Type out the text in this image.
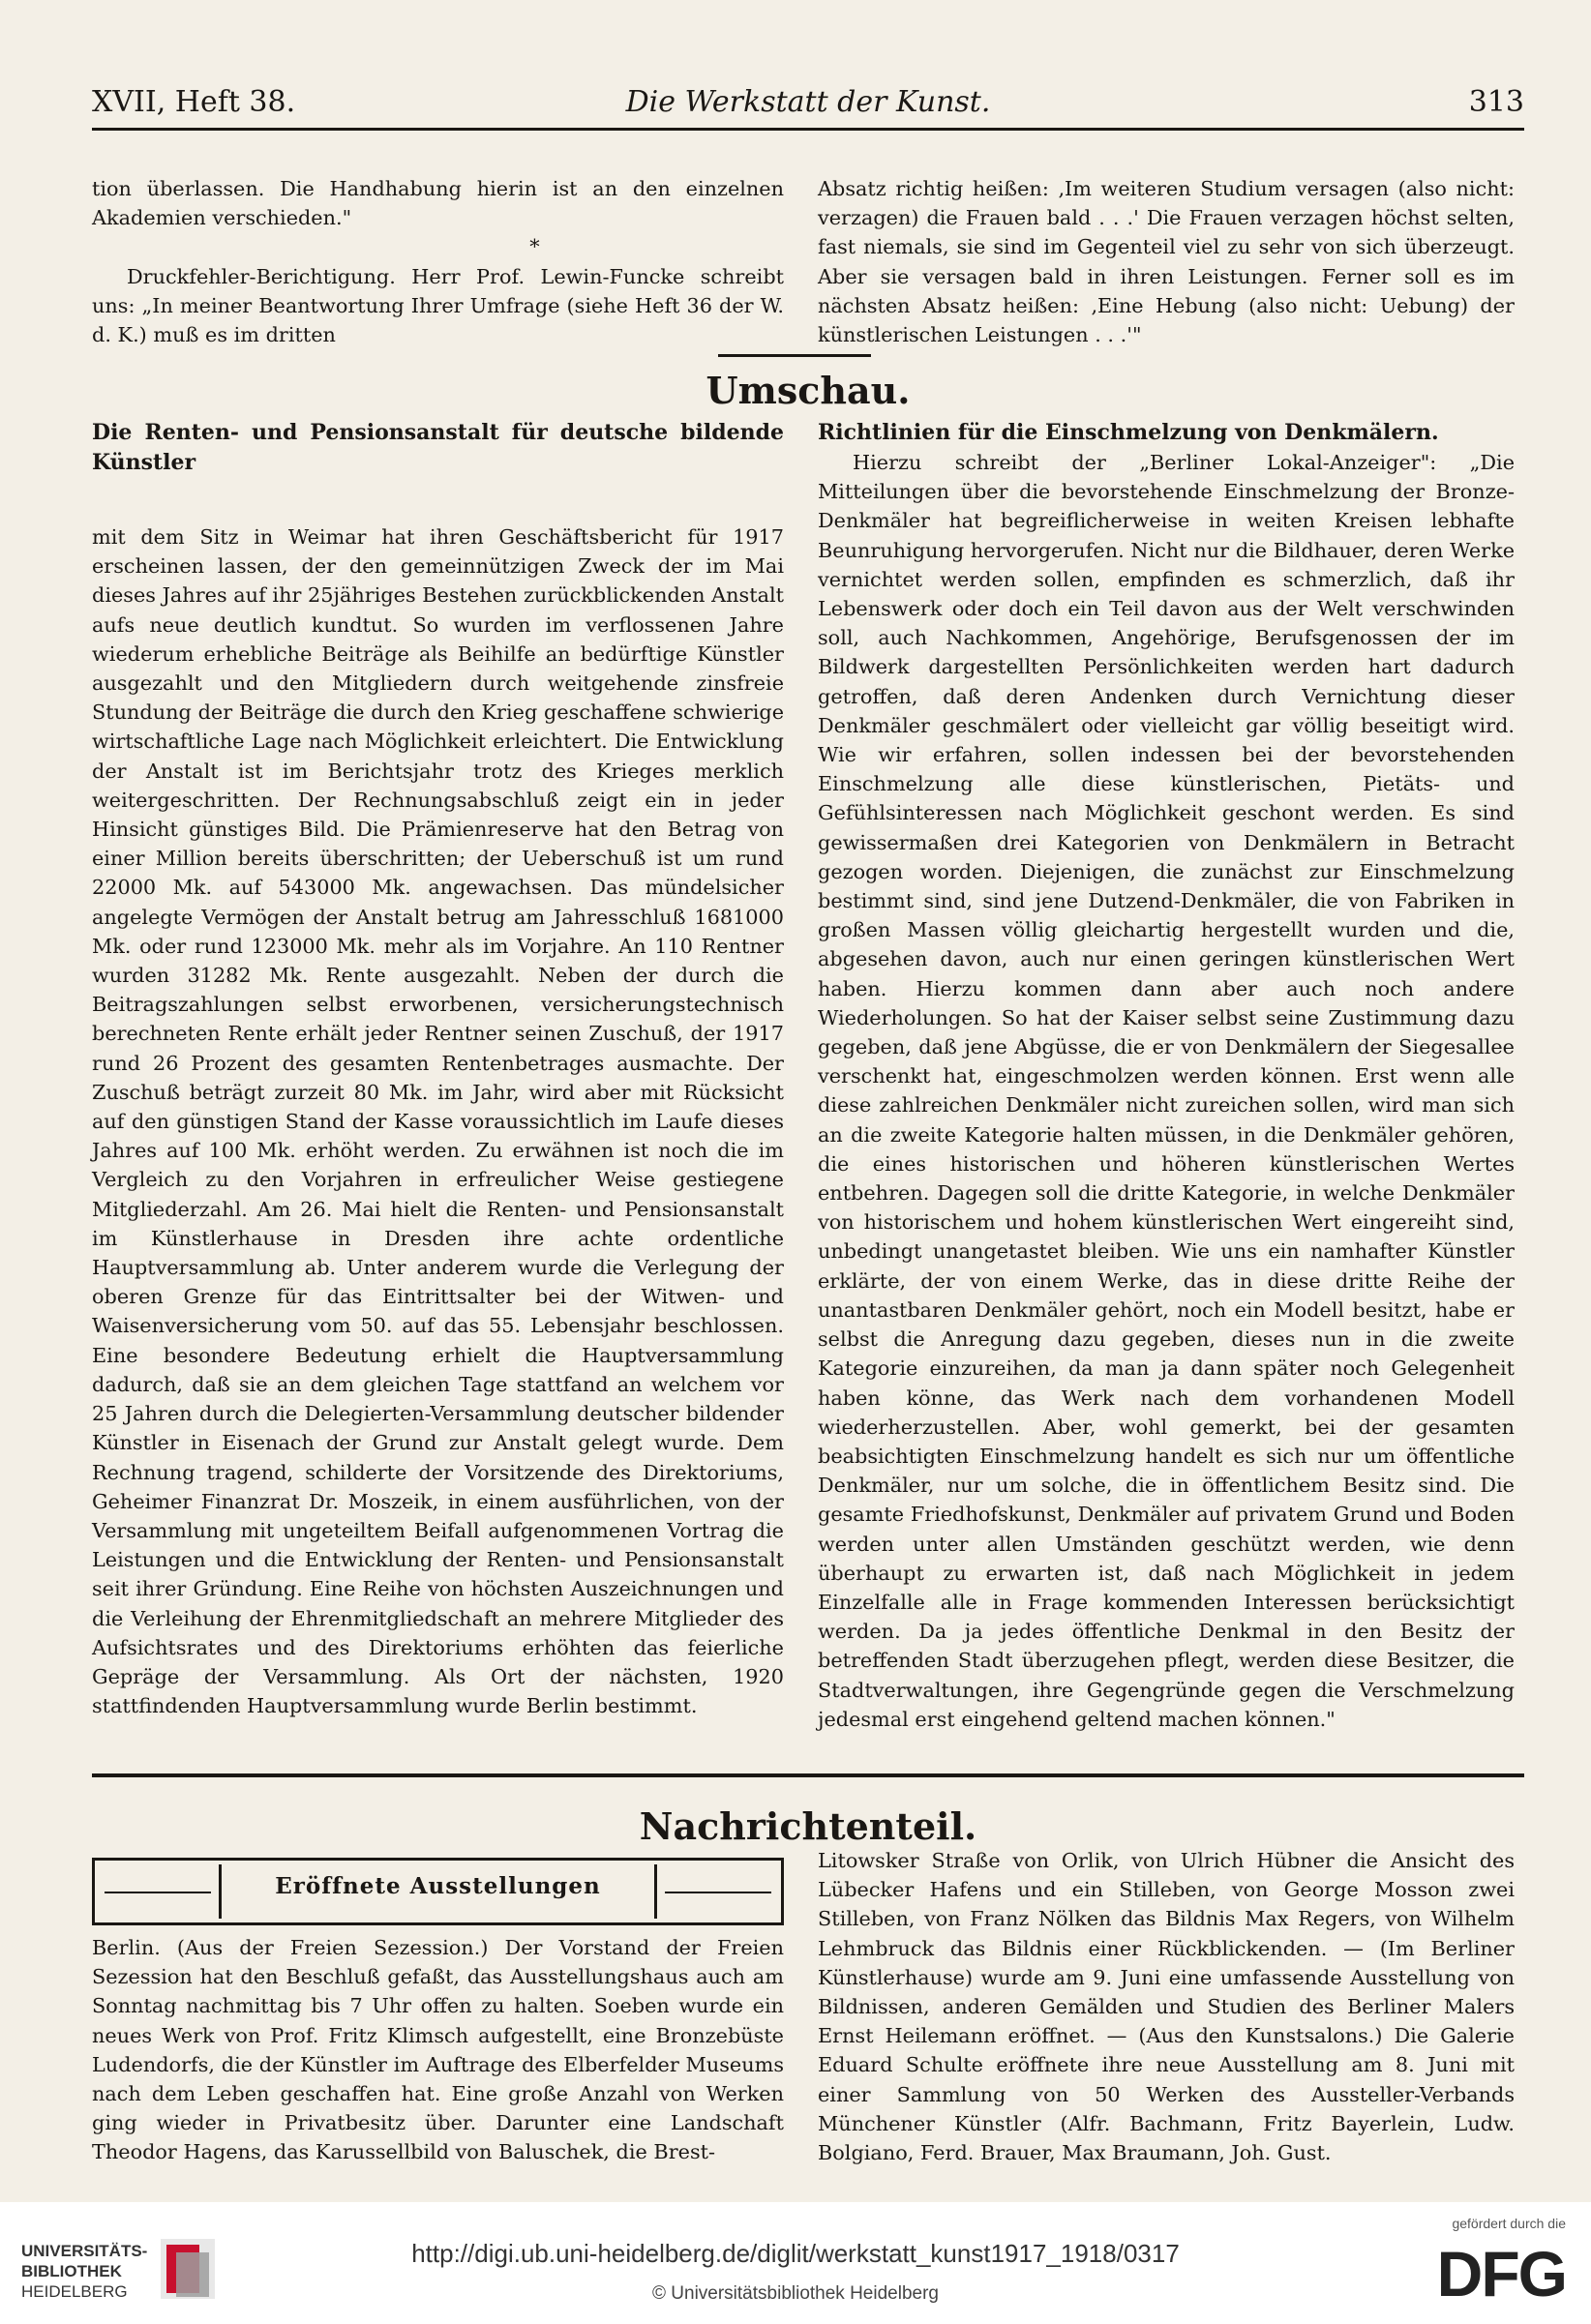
XVII, Heft 38.	Die Werkstatt der Kunst.	313

tion überlassen. Die Handhabung hierin ist an den einzelnen Akademien verschieden."

*

Druckfehler-Berichtigung. Herr Prof. Lewin-Funcke schreibt uns: „In meiner Beantwortung Ihrer Umfrage (siehe Heft 36 der W. d. K.) muß es im dritten

Absatz richtig heißen: ‚Im weiteren Studium versagen (also nicht: verzagen) die Frauen bald . . .' Die Frauen verzagen höchst selten, fast niemals, sie sind im Gegenteil viel zu sehr von sich überzeugt. Aber sie versagen bald in ihren Leistungen. Ferner soll es im nächsten Absatz heißen: ‚Eine Hebung (also nicht: Uebung) der künstlerischen Leistungen . . .'"

Umschau.

Die Renten- und Pensionsanstalt für deutsche bildende Künstler

mit dem Sitz in Weimar hat ihren Geschäftsbericht für 1917 erscheinen lassen, der den gemeinnützigen Zweck der im Mai dieses Jahres auf ihr 25jähriges Bestehen zurückblickenden Anstalt aufs neue deutlich kundtut. So wurden im verflossenen Jahre wiederum erhebliche Beiträge als Beihilfe an bedürftige Künstler ausgezahlt und den Mitgliedern durch weitgehende zinsfreie Stundung der Beiträge die durch den Krieg geschaffene schwierige wirtschaftliche Lage nach Möglichkeit erleichtert. Die Entwicklung der Anstalt ist im Berichtsjahr trotz des Krieges merklich weitergeschritten. Der Rechnungsabschluß zeigt ein in jeder Hinsicht günstiges Bild. Die Prämienreserve hat den Betrag von einer Million bereits überschritten; der Ueberschuß ist um rund 22000 Mk. auf 543000 Mk. angewachsen. Das mündelsicher angelegte Vermögen der Anstalt betrug am Jahresschluß 1681000 Mk. oder rund 123000 Mk. mehr als im Vorjahre. An 110 Rentner wurden 31282 Mk. Rente ausgezahlt. Neben der durch die Beitragszahlungen selbst erworbenen, versicherungstechnisch berechneten Rente erhält jeder Rentner seinen Zuschuß, der 1917 rund 26 Prozent des gesamten Rentenbetrages ausmachte. Der Zuschuß beträgt zurzeit 80 Mk. im Jahr, wird aber mit Rücksicht auf den günstigen Stand der Kasse voraussichtlich im Laufe dieses Jahres auf 100 Mk. erhöht werden. Zu erwähnen ist noch die im Vergleich zu den Vorjahren in erfreulicher Weise gestiegene Mitgliederzahl. Am 26. Mai hielt die Renten- und Pensionsanstalt im Künstlerhause in Dresden ihre achte ordentliche Hauptversammlung ab. Unter anderem wurde die Verlegung der oberen Grenze für das Eintrittsalter bei der Witwen- und Waisenversicherung vom 50. auf das 55. Lebensjahr beschlossen. Eine besondere Bedeutung erhielt die Hauptversammlung dadurch, daß sie an dem gleichen Tage stattfand an welchem vor 25 Jahren durch die Delegierten-Versammlung deutscher bildender Künstler in Eisenach der Grund zur Anstalt gelegt wurde. Dem Rechnung tragend, schilderte der Vorsitzende des Direktoriums, Geheimer Finanzrat Dr. Moszeik, in einem ausführlichen, von der Versammlung mit ungeteiltem Beifall aufgenommenen Vortrag die Leistungen und die Entwicklung der Renten- und Pensionsanstalt seit ihrer Gründung. Eine Reihe von höchsten Auszeichnungen und die Verleihung der Ehrenmitgliedschaft an mehrere Mitglieder des Aufsichtsrates und des Direktoriums erhöhten das feierliche Gepräge der Versammlung. Als Ort der nächsten, 1920 stattfindenden Hauptversammlung wurde Berlin bestimmt.

Richtlinien für die Einschmelzung von Denkmälern.

Hierzu schreibt der „Berliner Lokal-Anzeiger": „Die Mitteilungen über die bevorstehende Einschmelzung der Bronze-Denkmäler hat begreiflicherweise in weiten Kreisen lebhafte Beunruhigung hervorgerufen. Nicht nur die Bildhauer, deren Werke vernichtet werden sollen, empfinden es schmerzlich, daß ihr Lebenswerk oder doch ein Teil davon aus der Welt verschwinden soll, auch Nachkommen, Angehörige, Berufsgenossen der im Bildwerk dargestellten Persönlichkeiten werden hart dadurch getroffen, daß deren Andenken durch Vernichtung dieser Denkmäler geschmälert oder vielleicht gar völlig beseitigt wird. Wie wir erfahren, sollen indessen bei der bevorstehenden Einschmelzung alle diese künstlerischen, Pietäts- und Gefühlsinteressen nach Möglichkeit geschont werden. Es sind gewissermaßen drei Kategorien von Denkmälern in Betracht gezogen worden. Diejenigen, die zunächst zur Einschmelzung bestimmt sind, sind jene Dutzend-Denkmäler, die von Fabriken in großen Massen völlig gleichartig hergestellt wurden und die, abgesehen davon, auch nur einen geringen künstlerischen Wert haben. Hierzu kommen dann aber auch noch andere Wiederholungen. So hat der Kaiser selbst seine Zustimmung dazu gegeben, daß jene Abgüsse, die er von Denkmälern der Siegesallee verschenkt hat, eingeschmolzen werden können. Erst wenn alle diese zahlreichen Denkmäler nicht zureichen sollen, wird man sich an die zweite Kategorie halten müssen, in die Denkmäler gehören, die eines historischen und höheren künstlerischen Wertes entbehren. Dagegen soll die dritte Kategorie, in welche Denkmäler von historischem und hohem künstlerischen Wert eingereiht sind, unbedingt unangetastet bleiben. Wie uns ein namhafter Künstler erklärte, der von einem Werke, das in diese dritte Reihe der unantastbaren Denkmäler gehört, noch ein Modell besitzt, habe er selbst die Anregung dazu gegeben, dieses nun in die zweite Kategorie einzureihen, da man ja dann später noch Gelegenheit haben könne, das Werk nach dem vorhandenen Modell wiederherzustellen. Aber, wohl gemerkt, bei der gesamten beabsichtigten Einschmelzung handelt es sich nur um öffentliche Denkmäler, nur um solche, die in öffentlichem Besitz sind. Die gesamte Friedhofskunst, Denkmäler auf privatem Grund und Boden werden unter allen Umständen geschützt werden, wie denn überhaupt zu erwarten ist, daß nach Möglichkeit in jedem Einzelfalle alle in Frage kommenden Interessen berücksichtigt werden. Da ja jedes öffentliche Denkmal in den Besitz der betreffenden Stadt überzugehen pflegt, werden diese Besitzer, die Stadtverwaltungen, ihre Gegengründe gegen die Verschmelzung jedesmal erst eingehend geltend machen können."

Nachrichtenteil.
Eröffnete Ausstellungen

Berlin. (Aus der Freien Sezession.) Der Vorstand der Freien Sezession hat den Beschluß gefaßt, das Ausstellungshaus auch am Sonntag nachmittag bis 7 Uhr offen zu halten. Soeben wurde ein neues Werk von Prof. Fritz Klimsch aufgestellt, eine Bronzebüste Ludendorfs, die der Künstler im Auftrage des Elberfelder Museums nach dem Leben geschaffen hat. Eine große Anzahl von Werken ging wieder in Privatbesitz über. Darunter eine Landschaft Theodor Hagens, das Karussellbild von Baluschek, die Brest-

Litowsker Straße von Orlik, von Ulrich Hübner die Ansicht des Lübecker Hafens und ein Stilleben, von George Mosson zwei Stilleben, von Franz Nölken das Bildnis Max Regers, von Wilhelm Lehmbruck das Bildnis einer Rückblickenden. — (Im Berliner Künstlerhause) wurde am 9. Juni eine umfassende Ausstellung von Bildnissen, anderen Gemälden und Studien des Berliner Malers Ernst Heilemann eröffnet. — (Aus den Kunstsalons.) Die Galerie Eduard Schulte eröffnete ihre neue Ausstellung am 8. Juni mit einer Sammlung von 50 Werken des Aussteller-Verbands Münchener Künstler (Alfr. Bachmann, Fritz Bayerlein, Ludw. Bolgiano, Ferd. Brauer, Max Braumann, Joh. Gust.

UNIVERSITÄTS-
BIBLIOTHEK
HEIDELBERG
http://digi.ub.uni-heidelberg.de/diglit/werkstatt_kunst1917_1918/0317
© Universitätsbibliothek Heidelberg
gefördert durch die
DFG
